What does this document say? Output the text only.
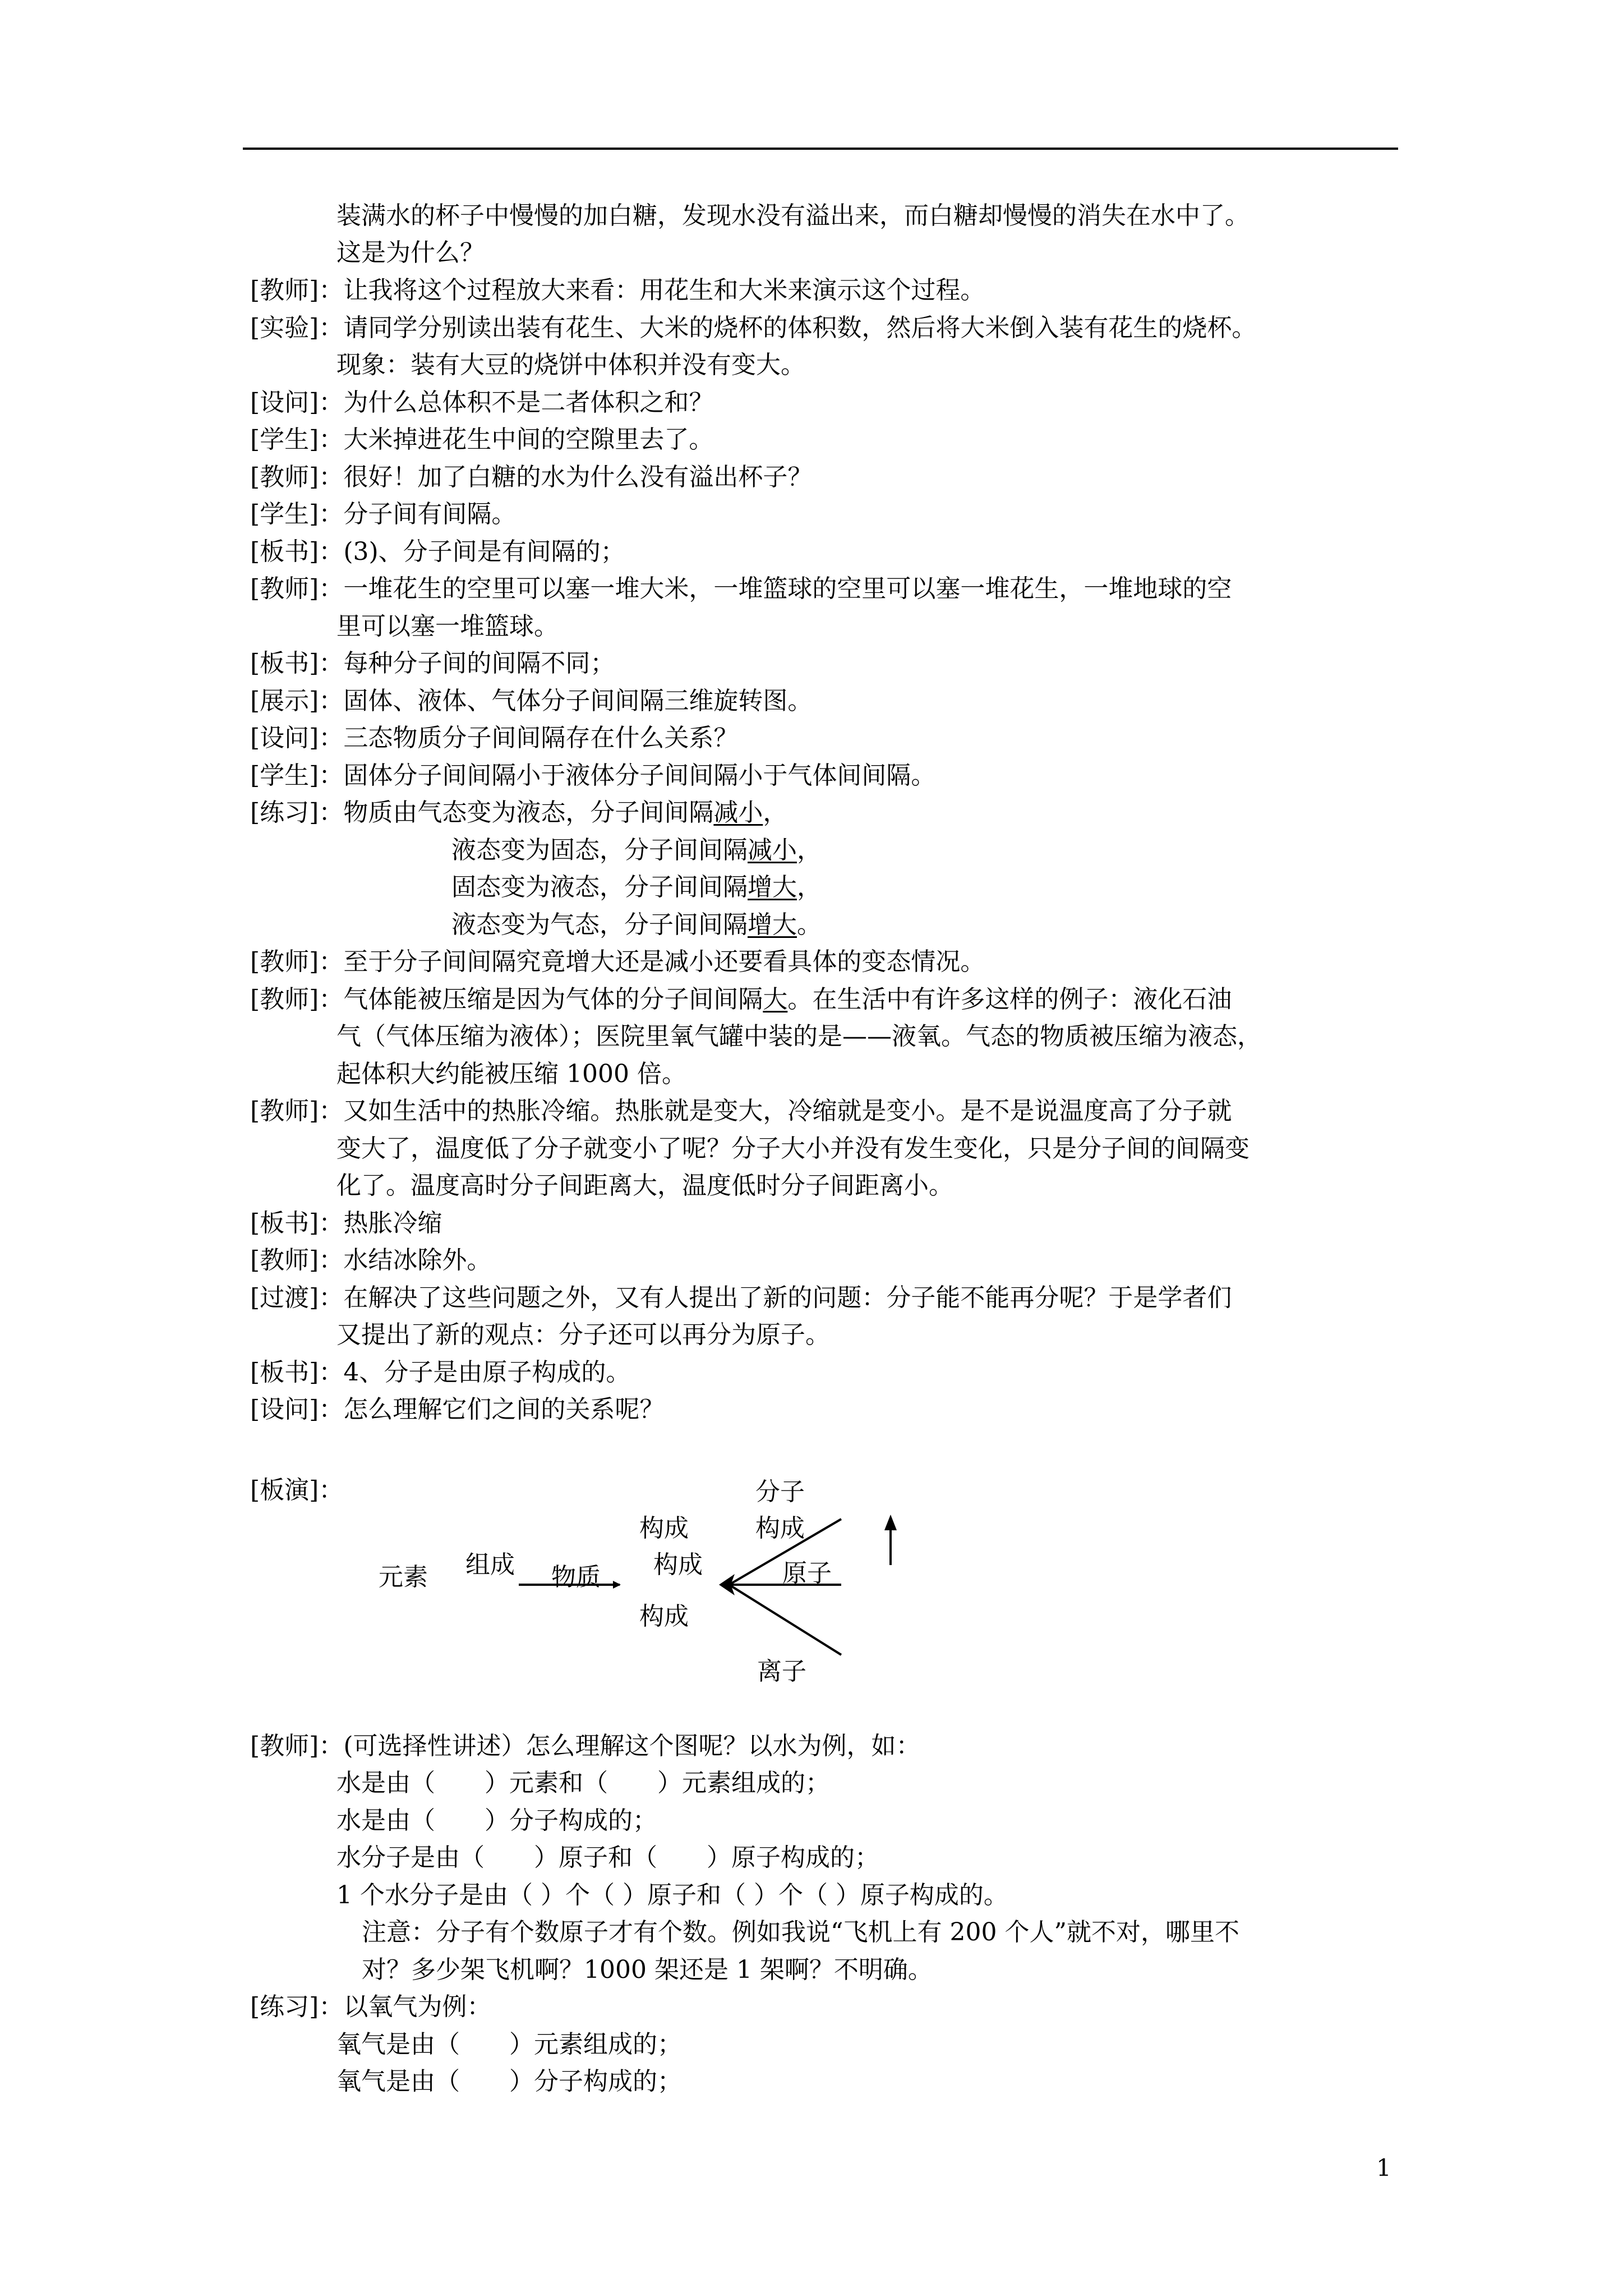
装满水的杯子中慢慢的加白糖，发现水没有溢出来，而白糖却慢慢的消失在水中了。
这是为什么？
[教师]：让我将这个过程放大来看：用花生和大米来演示这个过程。
[实验]：请同学分别读出装有花生、大米的烧杯的体积数，然后将大米倒入装有花生的烧杯。
现象：装有大豆的烧饼中体积并没有变大。
[设问]：为什么总体积不是二者体积之和？
[学生]：大米掉进花生中间的空隙里去了。
[教师]：很好！加了白糖的水为什么没有溢出杯子？
[学生]：分子间有间隔。
[板书]：(3)、分子间是有间隔的；
[教师]：一堆花生的空里可以塞一堆大米，一堆篮球的空里可以塞一堆花生，一堆地球的空
里可以塞一堆篮球。
[板书]：每种分子间的间隔不同；
[展示]：固体、液体、气体分子间间隔三维旋转图。
[设问]：三态物质分子间间隔存在什么关系？
[学生]：固体分子间间隔小于液体分子间间隔小于气体间间隔。
[练习]：物质由气态变为液态，分子间间隔减小，
液态变为固态，分子间间隔减小，
固态变为液态，分子间间隔增大，
液态变为气态，分子间间隔增大。
[教师]：至于分子间间隔究竟增大还是减小还要看具体的变态情况。
[教师]：气体能被压缩是因为气体的分子间间隔大。在生活中有许多这样的例子：液化石油
气（气体压缩为液体）；医院里氧气罐中装的是——液氧。气态的物质被压缩为液态，
起体积大约能被压缩 1000 倍。
[教师]：又如生活中的热胀冷缩。热胀就是变大，冷缩就是变小。是不是说温度高了分子就
变大了，温度低了分子就变小了呢？分子大小并没有发生变化，只是分子间的间隔变
化了。温度高时分子间距离大，温度低时分子间距离小。
[板书]：热胀冷缩
[教师]：水结冰除外。
[过渡]：在解决了这些问题之外，又有人提出了新的问题：分子能不能再分呢？于是学者们
又提出了新的观点：分子还可以再分为原子。
[板书]：4、分子是由原子构成的。
[设问]：怎么理解它们之间的关系呢？
[板演]：
元素 组成 物质
构成
构成
构成
分子
构成
原子
离子
[教师]：(可选择性讲述）怎么理解这个图呢？以水为例，如：
水是由（　　）元素和（　　）元素组成的；
水是由（　　）分子构成的；
水分子是由（　　）原子和（　　）原子构成的；
1 个水分子是由（ ）个（ ）原子和（ ）个（ ）原子构成的。
注意：分子有个数原子才有个数。例如我说“飞机上有 200 个人”就不对，哪里不
对？多少架飞机啊？1000 架还是 1 架啊？不明确。
[练习]：以氧气为例：
氧气是由（　　）元素组成的；
氧气是由（　　）分子构成的；
1
